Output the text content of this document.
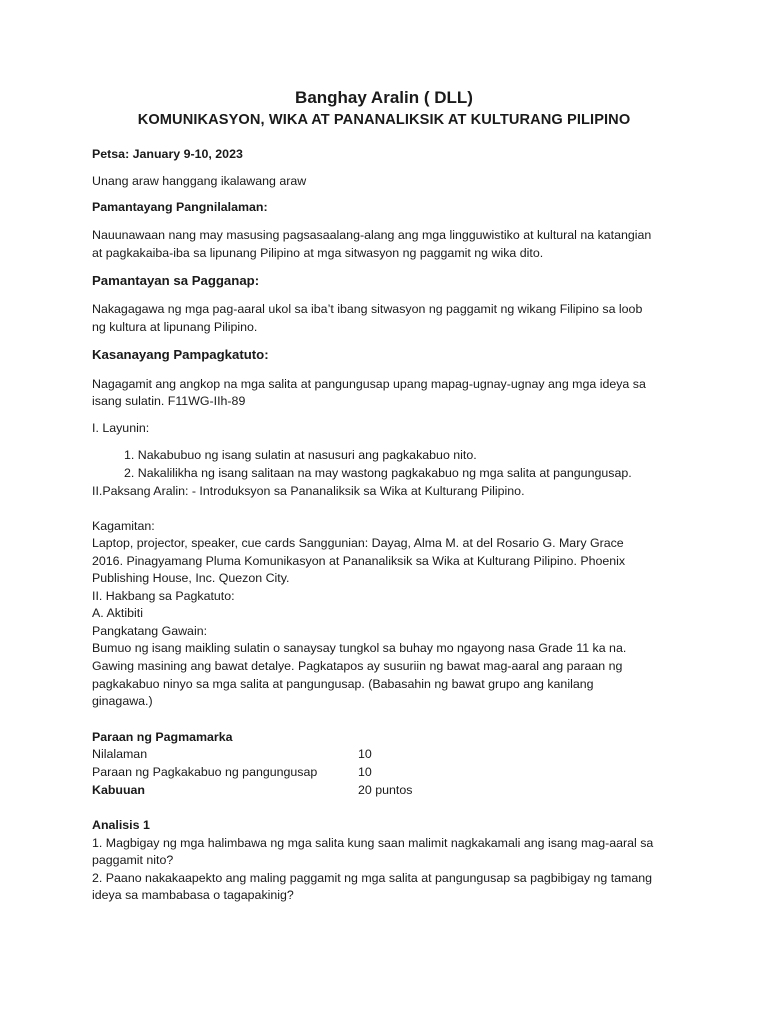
Banghay Aralin ( DLL)
KOMUNIKASYON, WIKA AT PANANALIKSIK AT KULTURANG PILIPINO
Petsa: January 9-10, 2023
Unang araw hanggang ikalawang araw
Pamantayang Pangnilalaman:
Nauunawaan nang may masusing pagsasaalang-alang ang mga lingguwistiko at kultural na katangian
at pagkakaiba-iba sa lipunang Pilipino at mga sitwasyon ng paggamit ng wika dito.
Pamantayan sa Pagganap:
Nakagagawa ng mga pag-aaral ukol sa iba’t ibang sitwasyon ng paggamit ng wikang Filipino sa loob
ng kultura at lipunang Pilipino.
Kasanayang Pampagkatuto:
Nagagamit ang angkop na mga salita at pangungusap upang mapag-ugnay-ugnay ang mga ideya sa
isang sulatin. F11WG-IIh-89
I. Layunin:
1. Nakabubuo ng isang sulatin at nasusuri ang pagkakabuo nito.
2. Nakalilikha ng isang salitaan na may wastong pagkakabuo ng mga salita at pangungusap.
II.Paksang Aralin: - Introduksyon sa Pananaliksik sa Wika at Kulturang Pilipino.
Kagamitan:
Laptop, projector, speaker, cue cards Sanggunian: Dayag, Alma M. at del Rosario G. Mary Grace
2016. Pinagyamang Pluma Komunikasyon at Pananaliksik sa Wika at Kulturang Pilipino. Phoenix
Publishing House, Inc. Quezon City.
II. Hakbang sa Pagkatuto:
A. Aktibiti
Pangkatang Gawain:
Bumuo ng isang maikling sulatin o sanaysay tungkol sa buhay mo ngayong nasa Grade 11 ka na.
Gawing masining ang bawat detalye. Pagkatapos ay susuriin ng bawat mag-aaral ang paraan ng
pagkakabuo ninyo sa mga salita at pangungusap. (Babasahin ng bawat grupo ang kanilang
ginagawa.)
Paraan ng Pagmamarka
Nilalaman	10
Paraan ng Pagkakabuo ng pangungusap	10
Kabuuan	20 puntos
Analisis 1
1. Magbigay ng mga halimbawa ng mga salita kung saan malimit nagkakamali ang isang mag-aaral sa
paggamit nito?
2. Paano nakakaapekto ang maling paggamit ng mga salita at pangungusap sa pagbibigay ng tamang
ideya sa mambabasa o tagapakinig?
